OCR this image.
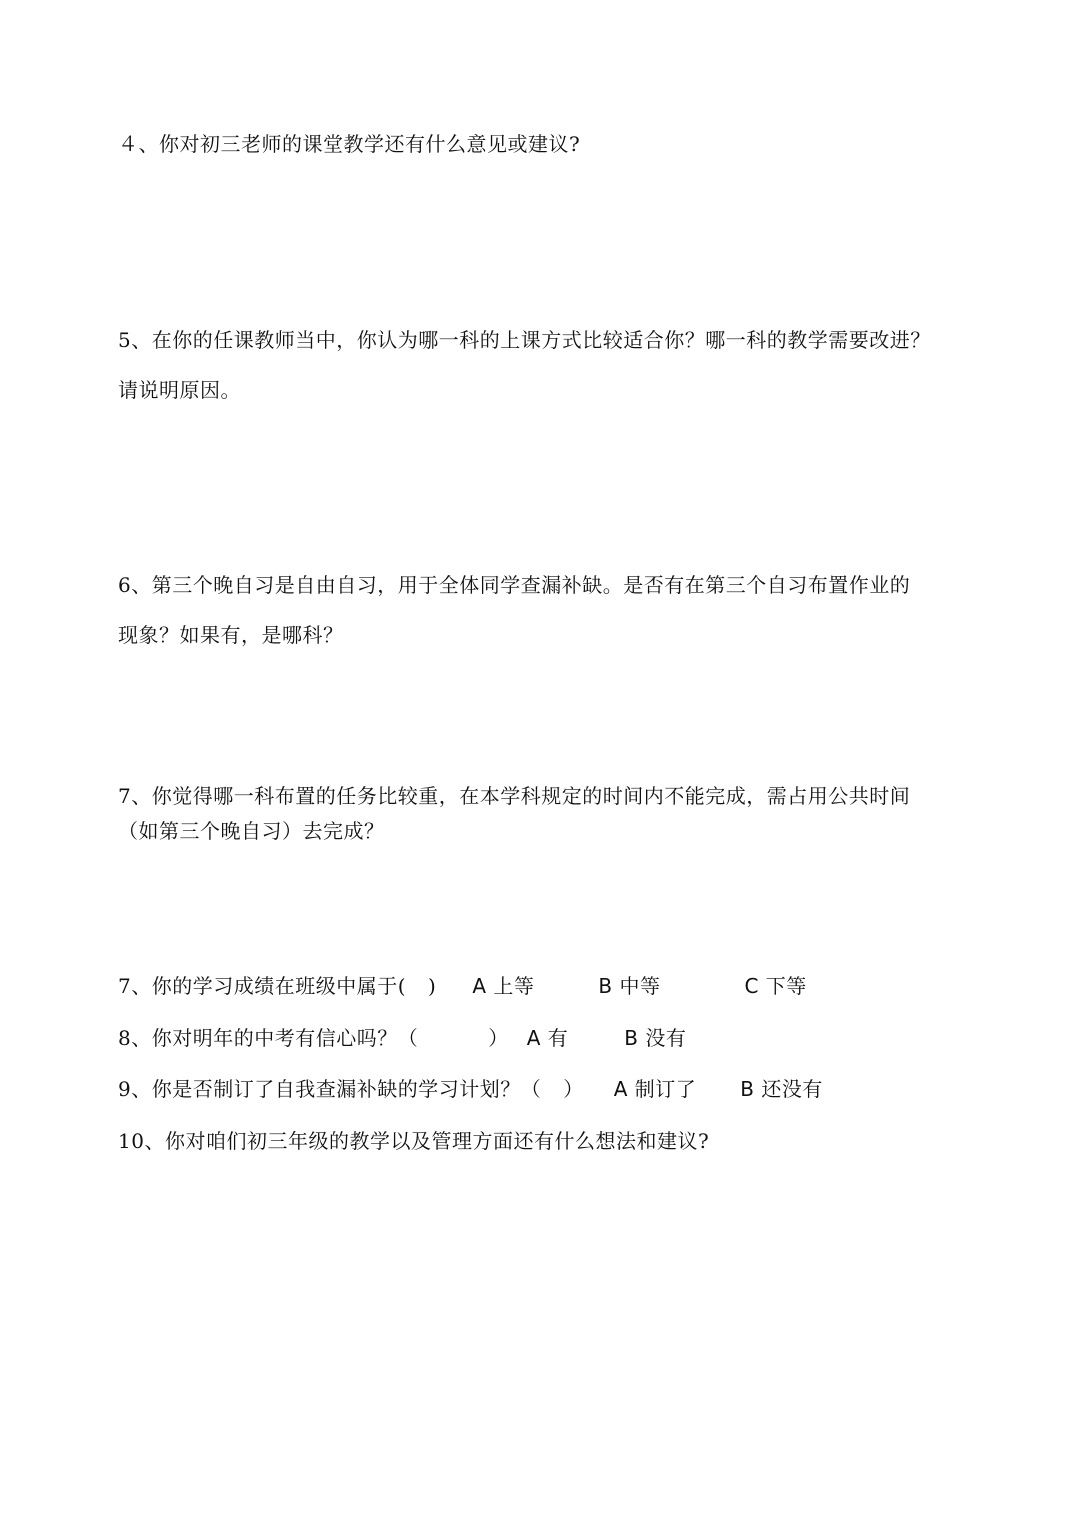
４、你对初三老师的课堂教学还有什么意见或建议?
5、在你的任课教师当中，你认为哪一科的上课方式比较适合你？哪一科的教学需要改进？
请说明原因。
6、第三个晚自习是自由自习，用于全体同学查漏补缺。是否有在第三个自习布置作业的
现象？如果有，是哪科？
7、你觉得哪一科布置的任务比较重，在本学科规定的时间内不能完成，需占用公共时间
（如第三个晚自习）去完成？
7、你的学习成绩在班级中属于( ) A 上等	B 中等	C 下等
8、你对明年的中考有信心吗？（	） A 有	B 没有
9、你是否制订了自我查漏补缺的学习计划？（ ） A 制订了 B 还没有
10、你对咱们初三年级的教学以及管理方面还有什么想法和建议?
